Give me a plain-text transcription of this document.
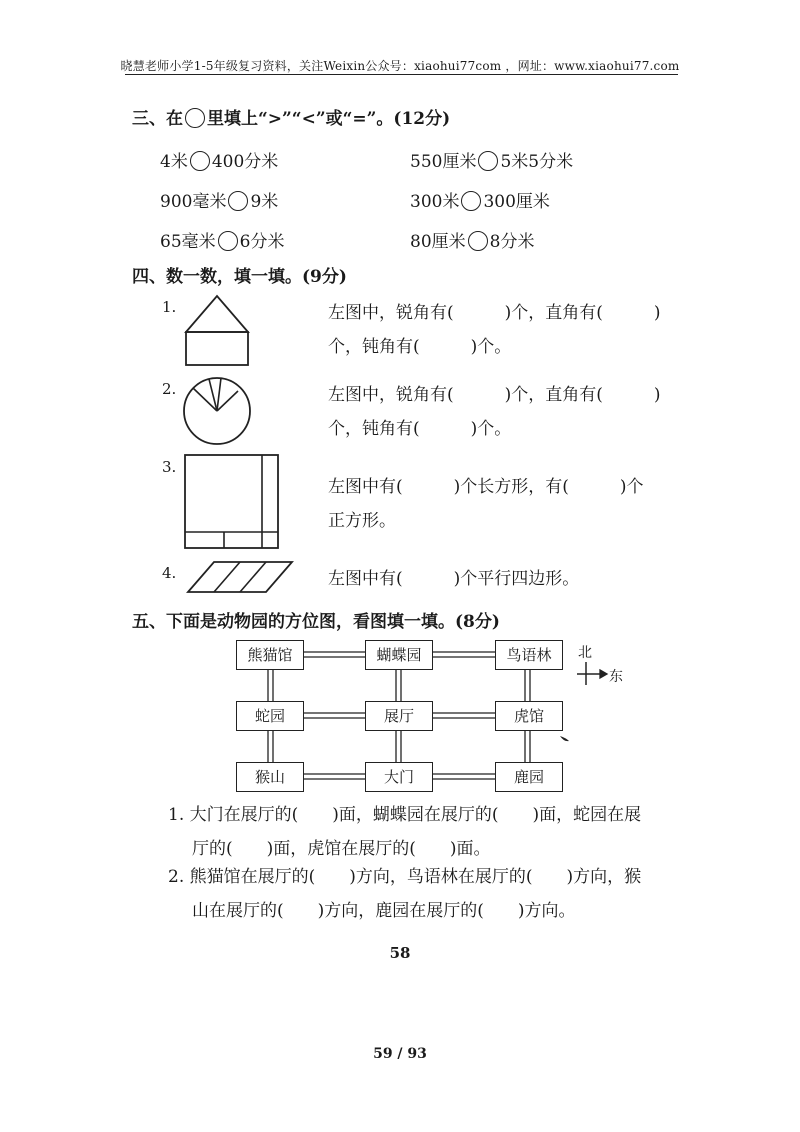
晓慧老师小学1-5年级复习资料，关注Weixin公众号：xiaohui77com ，网址：www.xiaohui77.com
三、在 里填上“>”“<”或“=”。(12分)
4米 400分米	550厘米 5米5分米
900毫米 9米	300米 300厘米
65毫米 6分米	80厘米 8分米
四、数一数，填一填。(9分)
1.	左图中，锐角有(　　　)个，直角有(　　　)
个，钝角有(　　　)个。
2.	左图中，锐角有(　　　)个，直角有(　　　)
个，钝角有(　　　)个。
3.
左图中有(　　　)个长方形，有(　　　)个
正方形。
4.	左图中有(　　　)个平行四边形。
五、下面是动物园的方位图，看图填一填。(8分)
熊猫馆	蝴蝶园	鸟语林
蛇园	展厅	虎馆
猴山	大门	鹿园
北
东
1. 大门在展厅的(　　)面，蝴蝶园在展厅的(　　)面，蛇园在展
厅的(　　)面，虎馆在展厅的(　　)面。
2. 熊猫馆在展厅的(　　)方向，鸟语林在展厅的(　　)方向，猴
山在展厅的(　　)方向，鹿园在展厅的(　　)方向。
58
59 / 93
